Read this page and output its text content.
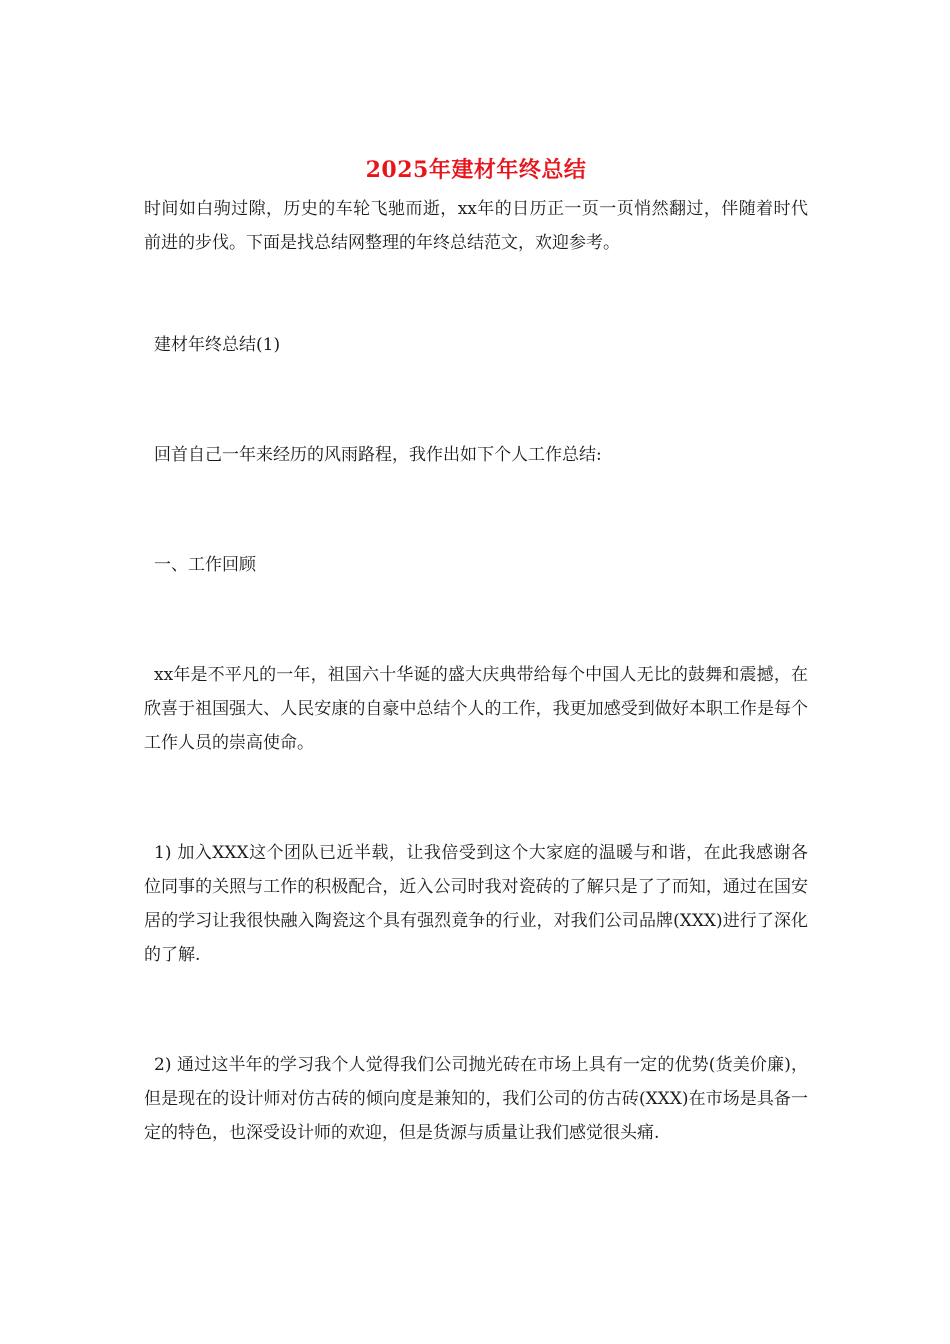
2025年建材年终总结

时间如白驹过隙，历史的车轮飞驰而逝，xx年的日历正一页一页悄然翻过，伴随着时代前进的步伐。下面是找总结网整理的年终总结范文，欢迎参考。

建材年终总结(1)

回首自己一年来经历的风雨路程，我作出如下个人工作总结:

一、工作回顾

xx年是不平凡的一年，祖国六十华诞的盛大庆典带给每个中国人无比的鼓舞和震撼，在欣喜于祖国强大、人民安康的自豪中总结个人的工作，我更加感受到做好本职工作是每个工作人员的崇高使命。

1) 加入XXX这个团队已近半载，让我倍受到这个大家庭的温暖与和谐，在此我感谢各位同事的关照与工作的积极配合，近入公司时我对瓷砖的了解只是了了而知，通过在国安居的学习让我很快融入陶瓷这个具有强烈竟争的行业，对我们公司品牌(XXX)进行了深化的了解.

2) 通过这半年的学习我个人觉得我们公司抛光砖在市场上具有一定的优势(货美价廉)，但是现在的设计师对仿古砖的倾向度是兼知的，我们公司的仿古砖(XXX)在市场是具备一定的特色，也深受设计师的欢迎，但是货源与质量让我们感觉很头痛.
